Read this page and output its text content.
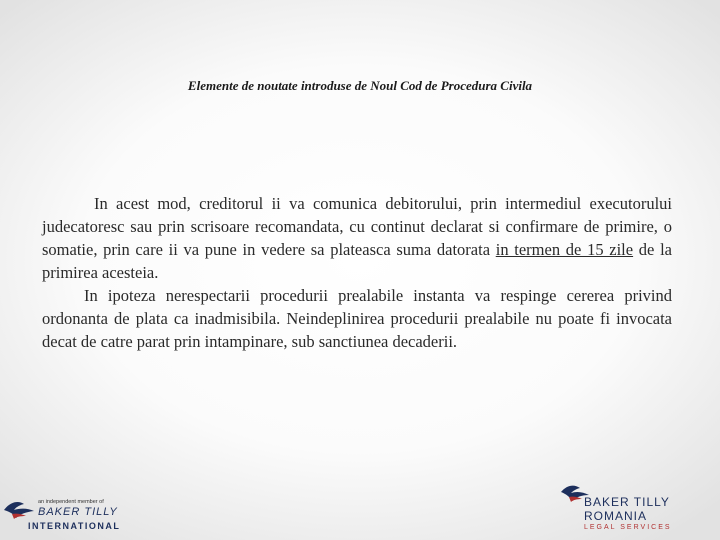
Elemente de noutate introduse de Noul Cod de Procedura Civila

In acest mod, creditorul ii va comunica debitorului, prin intermediul executorului judecatoresc sau prin scrisoare recomandata, cu continut declarat si confirmare de primire, o somatie, prin care ii va pune in vedere sa plateasca suma datorata in termen de 15 zile de la primirea acesteia.

In ipoteza nerespectarii procedurii prealabile instanta va respinge cererea privind ordonanta de plata ca inadmisibila. Neindeplinirea procedurii prealabile nu poate fi invocata decat de catre parat prin intampinare, sub sanctiunea decaderii.

an independent member of
BAKER TILLY
INTERNATIONAL
BAKER TILLY
ROMANIA
LEGAL SERVICES
